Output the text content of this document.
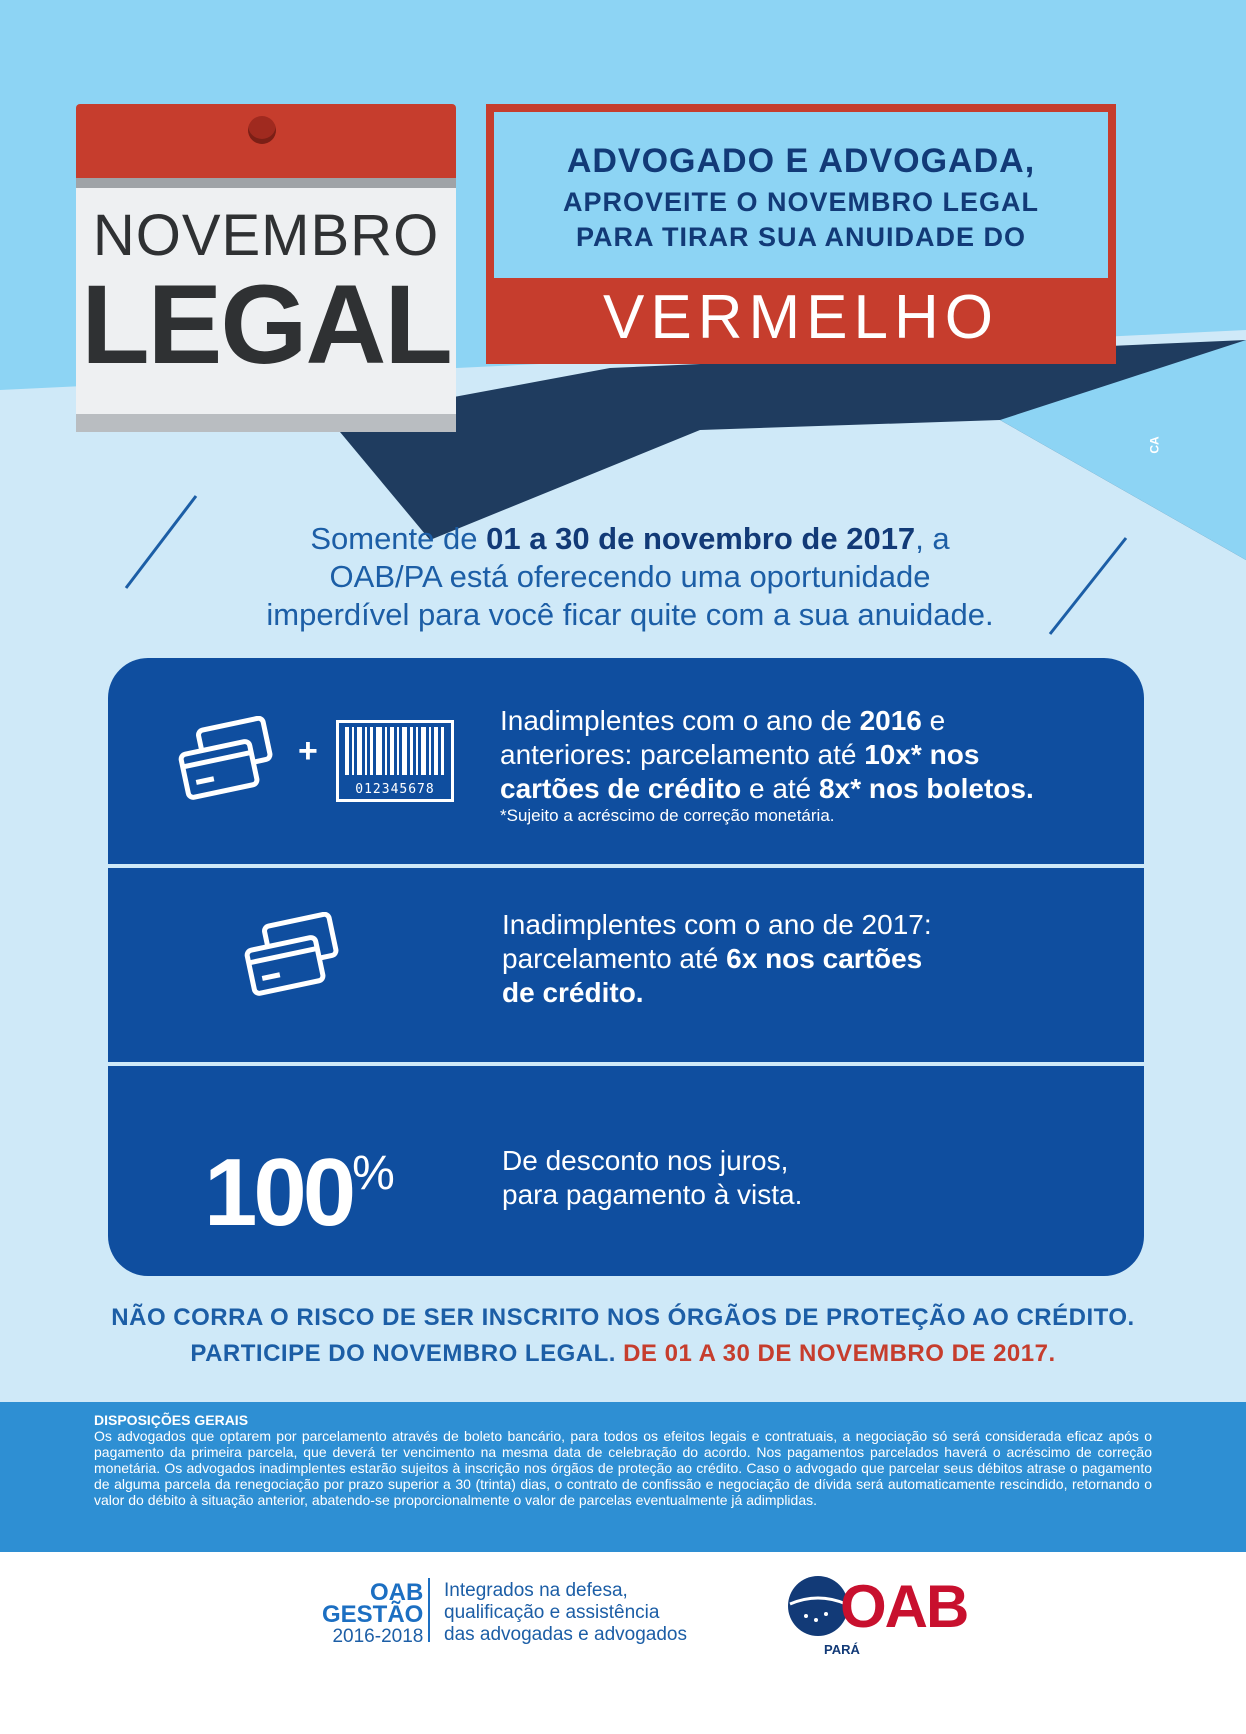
NOVEMBRO
LEGAL
ADVOGADO E ADVOGADA,
APROVEITE O NOVEMBRO LEGAL
PARA TIRAR SUA ANUIDADE DO
VERMELHO
CA
Somente de 01 a 30 de novembro de 2017, a
OAB/PA está oferecendo uma oportunidade
imperdível para você ficar quite com a sua anuidade.
+
012345678
Inadimplentes com o ano de 2016 e
anteriores: parcelamento até 10x* nos
cartões de crédito e até 8x* nos boletos.
*Sujeito a acréscimo de correção monetária.
Inadimplentes com o ano de 2017:
parcelamento até 6x nos cartões
de crédito.
100%	De desconto nos juros,
para pagamento à vista.
NÃO CORRA O RISCO DE SER INSCRITO NOS ÓRGÃOS DE PROTEÇÃO AO CRÉDITO.
PARTICIPE DO NOVEMBRO LEGAL. DE 01 A 30 DE NOVEMBRO DE 2017.
DISPOSIÇÕES GERAIS
Os advogados que optarem por parcelamento através de boleto bancário, para todos os efeitos legais e contratuais, a negociação só será considerada eficaz após o pagamento da primeira parcela, que deverá ter vencimento na mesma data de celebração do acordo. Nos pagamentos parcelados haverá o acréscimo de correção monetária. Os advogados inadimplentes estarão sujeitos à inscrição nos órgãos de proteção ao crédito. Caso o advogado que parcelar seus débitos atrase o pagamento de alguma parcela da renegociação por prazo superior a 30 (trinta) dias, o contrato de confissão e negociação de dívida será automaticamente rescindido, retornando o valor do débito à situação anterior, abatendo-se proporcionalmente o valor de parcelas eventualmente já adimplidas.
OAB
GESTÃO
2016-2018
Integrados na defesa,
qualificação e assistência
das advogadas e advogados	OAB
PARÁ
